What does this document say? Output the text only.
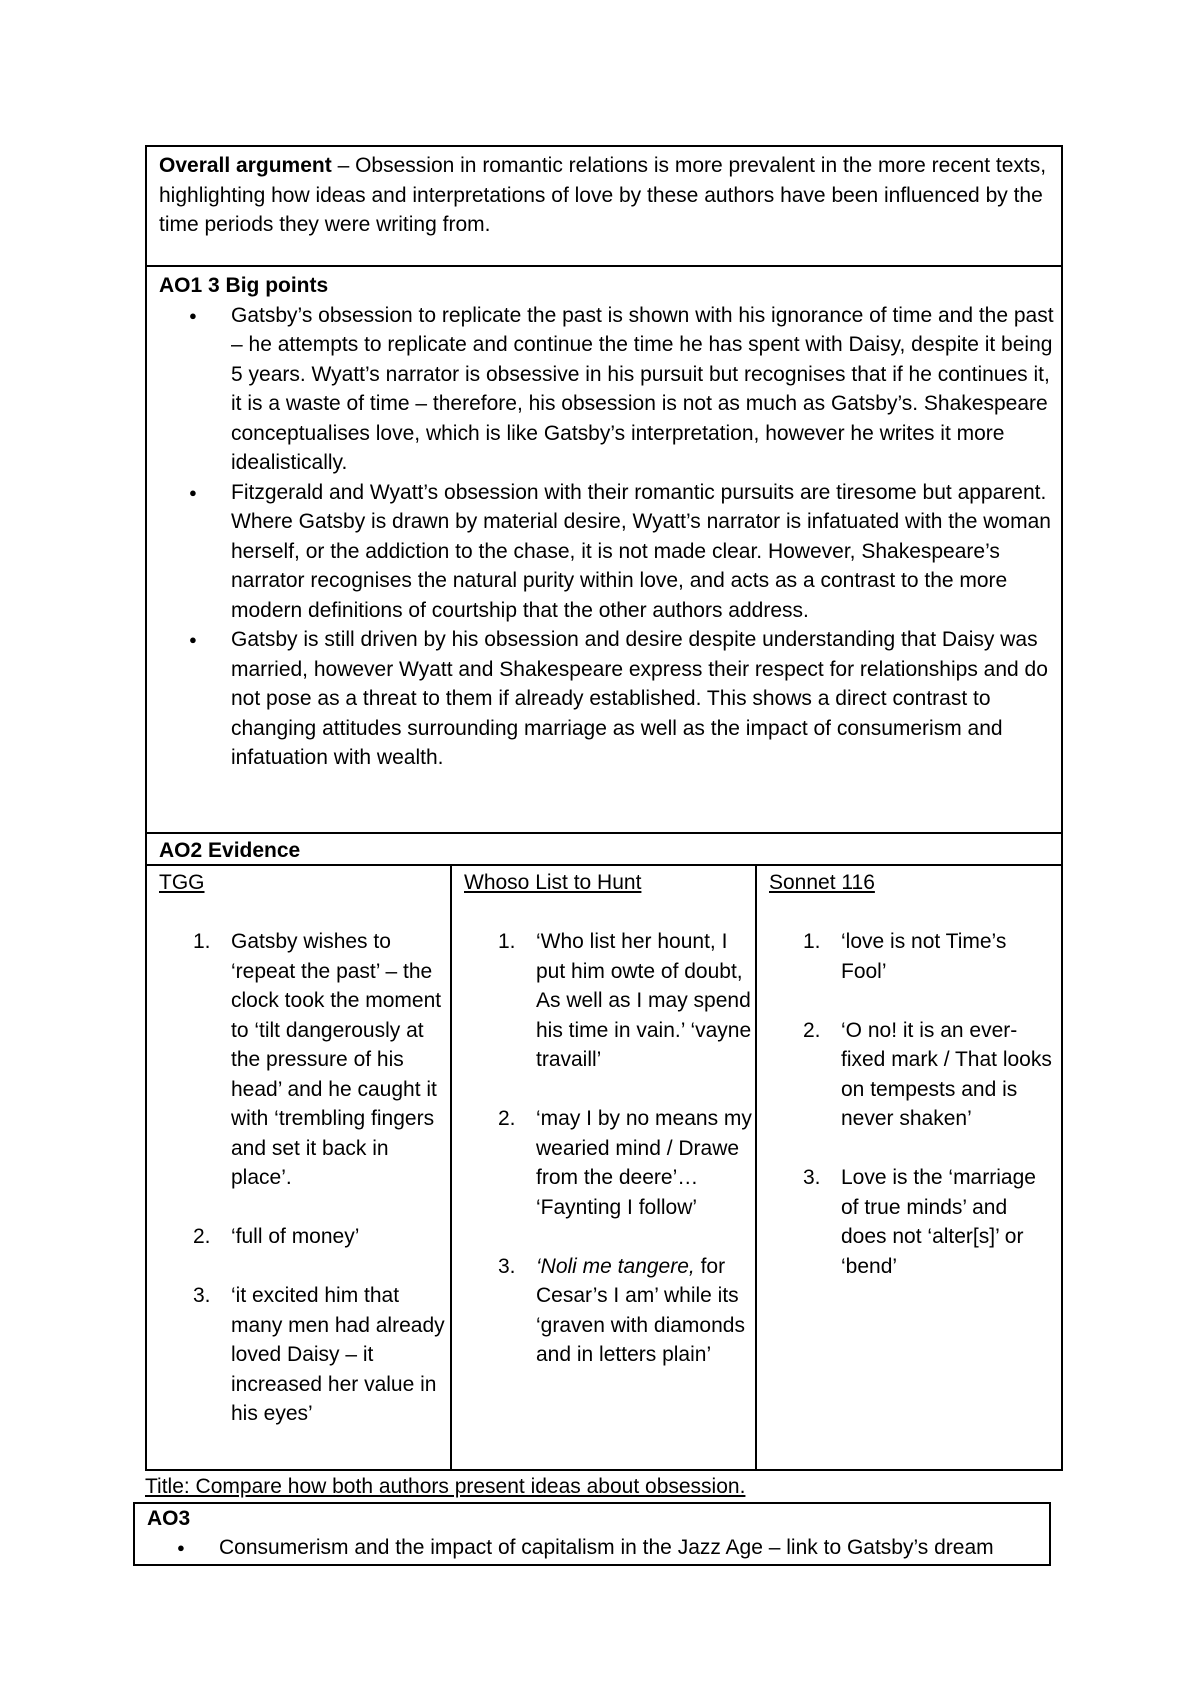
Overall argument – Obsession in romantic relations is more prevalent in the more recent texts, highlighting how ideas and interpretations of love by these authors have been influenced by the time periods they were writing from.
AO1 3 Big points
● Gatsby’s obsession to replicate the past is shown with his ignorance of time and the past – he attempts to replicate and continue the time he has spent with Daisy, despite it being 5 years. Wyatt’s narrator is obsessive in his pursuit but recognises that if he continues it, it is a waste of time – therefore, his obsession is not as much as Gatsby’s. Shakespeare conceptualises love, which is like Gatsby’s interpretation, however he writes it more idealistically.
● Fitzgerald and Wyatt’s obsession with their romantic pursuits are tiresome but apparent. Where Gatsby is drawn by material desire, Wyatt’s narrator is infatuated with the woman herself, or the addiction to the chase, it is not made clear. However, Shakespeare’s narrator recognises the natural purity within love, and acts as a contrast to the more modern definitions of courtship that the other authors address.
● Gatsby is still driven by his obsession and desire despite understanding that Daisy was married, however Wyatt and Shakespeare express their respect for relationships and do not pose as a threat to them if already established. This shows a direct contrast to changing attitudes surrounding marriage as well as the impact of consumerism and infatuation with wealth.
AO2 Evidence
TGG
1. Gatsby wishes to ‘repeat the past’ – the clock took the moment to ‘tilt dangerously at the pressure of his head’ and he caught it with ‘trembling fingers and set it back in place’.
2. ‘full of money’
3. ‘it excited him that many men had already loved Daisy – it increased her value in his eyes’
Whoso List to Hunt
1. ‘Who list her hount, I put him owte of doubt, As well as I may spend his time in vain.’ ‘vayne travaill’
2. ‘may I by no means my wearied mind / Drawe from the deere’… ‘Faynting I follow’
3. ‘Noli me tangere, for Cesar’s I am’ while its ‘graven with diamonds and in letters plain’
Sonnet 116
1. ‘love is not Time’s Fool’
2. ‘O no! it is an ever-fixed mark / That looks on tempests and is never shaken’
3. Love is the ‘marriage of true minds’ and does not ‘alter[s]’ or ‘bend’
Title: Compare how both authors present ideas about obsession.
AO3
● Consumerism and the impact of capitalism in the Jazz Age – link to Gatsby’s dream
